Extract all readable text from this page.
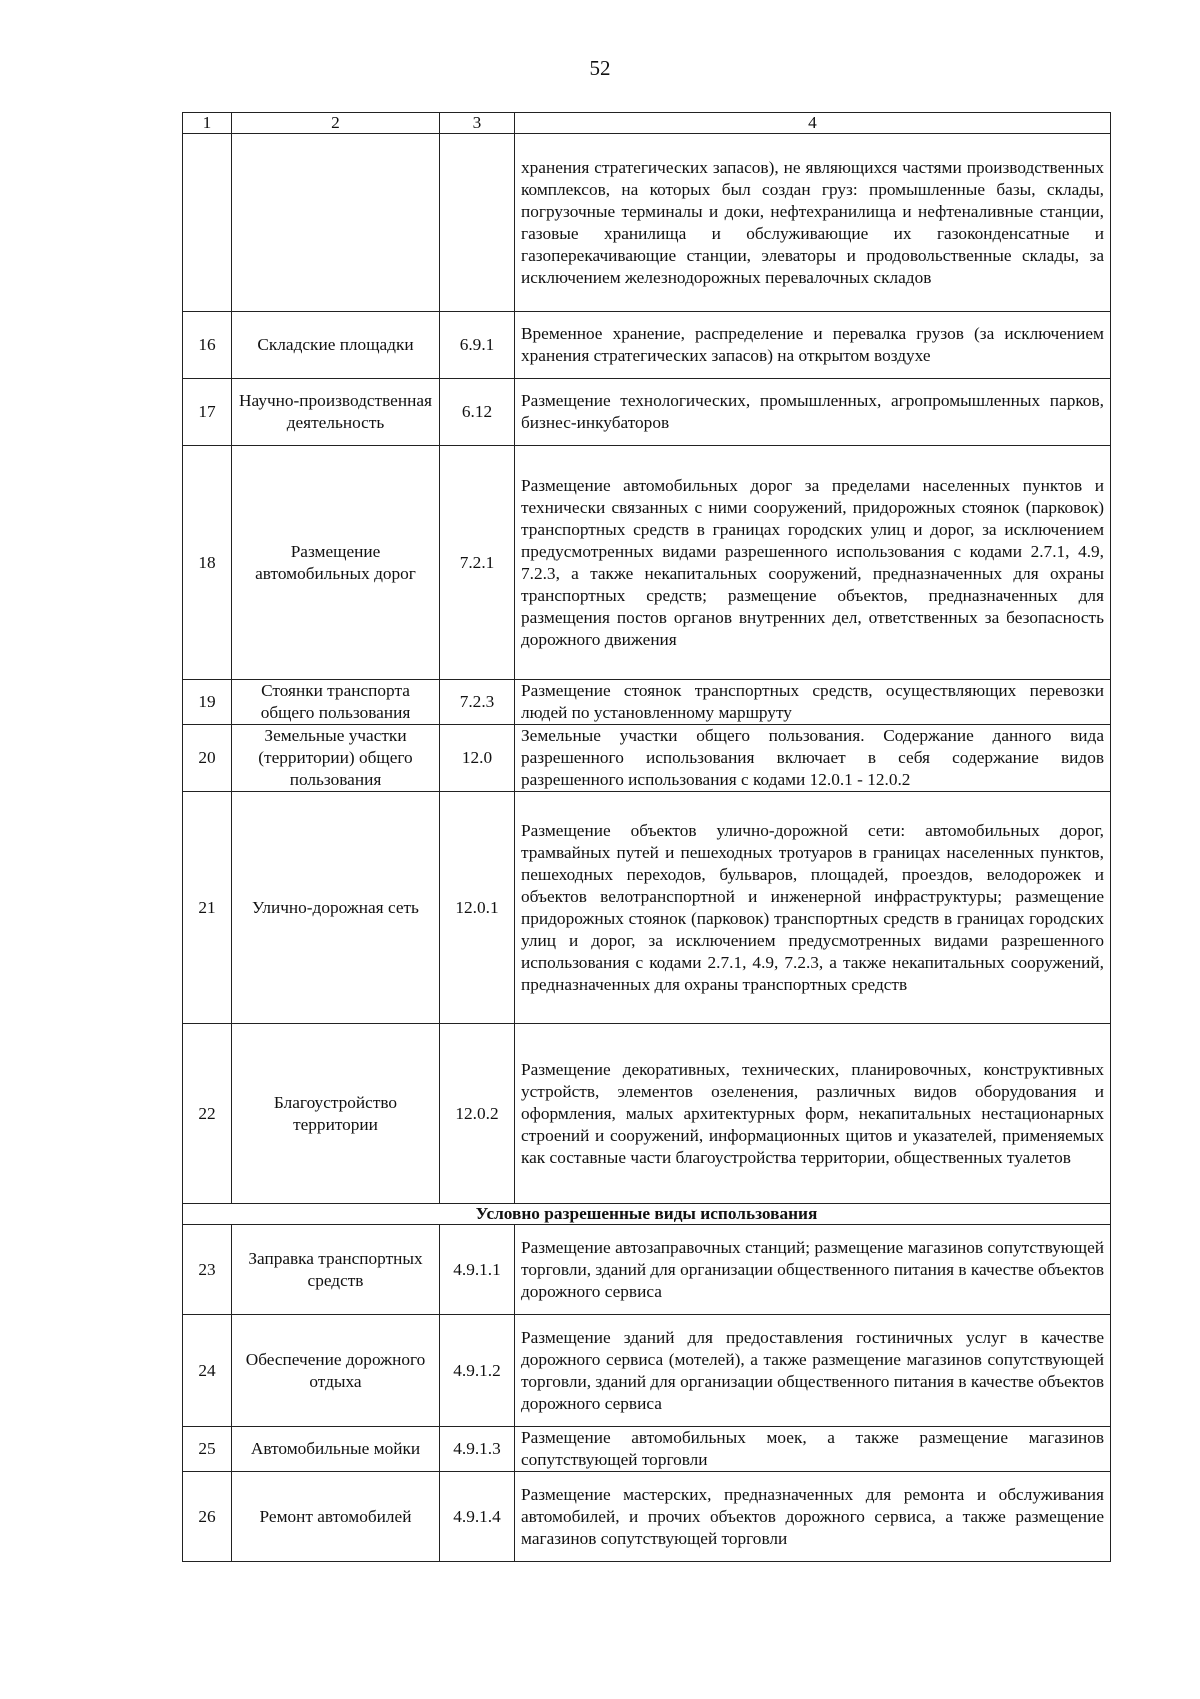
52
1	2	3	4
			хранения стратегических запасов), не являющихся частями производственных комплексов, на которых был создан груз: промышленные базы, склады, погрузочные терминалы и доки, нефтехранилища и нефтеналивные станции, газовые хранилища и обслуживающие их газоконденсатные и газоперекачивающие станции, элеваторы и продовольственные склады, за исключением железнодорожных перевалочных складов
16	Складские площадки	6.9.1	Временное хранение, распределение и перевалка грузов (за исключением хранения стратегических запасов) на открытом воздухе
17	Научно-производственная деятельность	6.12	Размещение технологических, промышленных, агропромышленных парков, бизнес-инкубаторов
18	Размещение автомобильных дорог	7.2.1	Размещение автомобильных дорог за пределами населенных пунктов и технически связанных с ними сооружений, придорожных стоянок (парковок) транспортных средств в границах городских улиц и дорог, за исключением предусмотренных видами разрешенного использования с кодами 2.7.1, 4.9, 7.2.3, а также некапитальных сооружений, предназначенных для охраны транспортных средств; размещение объектов, предназначенных для размещения постов органов внутренних дел, ответственных за безопасность дорожного движения
19	Стоянки транспорта общего пользования	7.2.3	Размещение стоянок транспортных средств, осуществляющих перевозки людей по установленному маршруту
20	Земельные участки (территории) общего пользования	12.0	Земельные участки общего пользования. Содержание данного вида разрешенного использования включает в себя содержание видов разрешенного использования с кодами 12.0.1 - 12.0.2
21	Улично-дорожная сеть	12.0.1	Размещение объектов улично-дорожной сети: автомобильных дорог, трамвайных путей и пешеходных тротуаров в границах населенных пунктов, пешеходных переходов, бульваров, площадей, проездов, велодорожек и объектов велотранспортной и инженерной инфраструктуры; размещение придорожных стоянок (парковок) транспортных средств в границах городских улиц и дорог, за исключением предусмотренных видами разрешенного использования с кодами 2.7.1, 4.9, 7.2.3, а также некапитальных сооружений, предназначенных для охраны транспортных средств
22	Благоустройство территории	12.0.2	Размещение декоративных, технических, планировочных, конструктивных устройств, элементов озеленения, различных видов оборудования и оформления, малых архитектурных форм, некапитальных нестационарных строений и сооружений, информационных щитов и указателей, применяемых как составные части благоустройства территории, общественных туалетов
Условно разрешенные виды использования			
23	Заправка транспортных средств	4.9.1.1	Размещение автозаправочных станций; размещение магазинов сопутствующей торговли, зданий для организации общественного питания в качестве объектов дорожного сервиса
24	Обеспечение дорожного отдыха	4.9.1.2	Размещение зданий для предоставления гостиничных услуг в качестве дорожного сервиса (мотелей), а также размещение магазинов сопутствующей торговли, зданий для организации общественного питания в качестве объектов дорожного сервиса
25	Автомобильные мойки	4.9.1.3	Размещение автомобильных моек, а также размещение магазинов сопутствующей торговли
26	Ремонт автомобилей	4.9.1.4	Размещение мастерских, предназначенных для ремонта и обслуживания автомобилей, и прочих объектов дорожного сервиса, а также размещение магазинов сопутствующей торговли
